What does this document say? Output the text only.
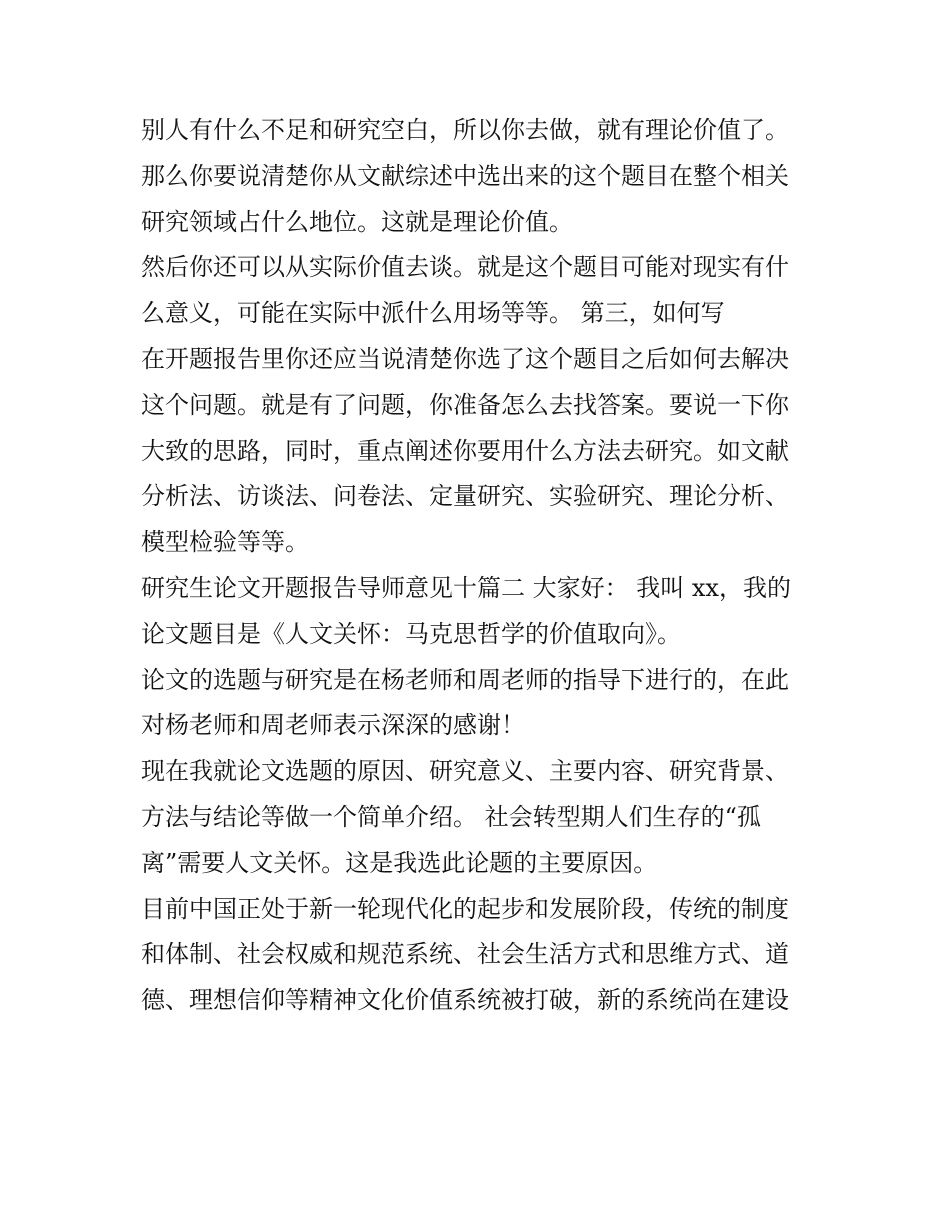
别人有什么不足和研究空白，所以你去做，就有理论价值了。
那么你要说清楚你从文献综述中选出来的这个题目在整个相关
研究领域占什么地位。这就是理论价值。
然后你还可以从实际价值去谈。就是这个题目可能对现实有什
么意义，可能在实际中派什么用场等等。 第三，如何写
在开题报告里你还应当说清楚你选了这个题目之后如何去解决
这个问题。就是有了问题，你准备怎么去找答案。要说一下你
大致的思路，同时，重点阐述你要用什么方法去研究。如文献
分析法、访谈法、问卷法、定量研究、实验研究、理论分析、
模型检验等等。
研究生论文开题报告导师意见十篇二 大家好： 我叫 xx，我的
论文题目是《人文关怀：马克思哲学的价值取向》。
论文的选题与研究是在杨老师和周老师的指导下进行的，在此
对杨老师和周老师表示深深的感谢！
现在我就论文选题的原因、研究意义、主要内容、研究背景、
方法与结论等做一个简单介绍。 社会转型期人们生存的“孤
离”需要人文关怀。这是我选此论题的主要原因。
目前中国正处于新一轮现代化的起步和发展阶段，传统的制度
和体制、社会权威和规范系统、社会生活方式和思维方式、道
德、理想信仰等精神文化价值系统被打破，新的系统尚在建设
